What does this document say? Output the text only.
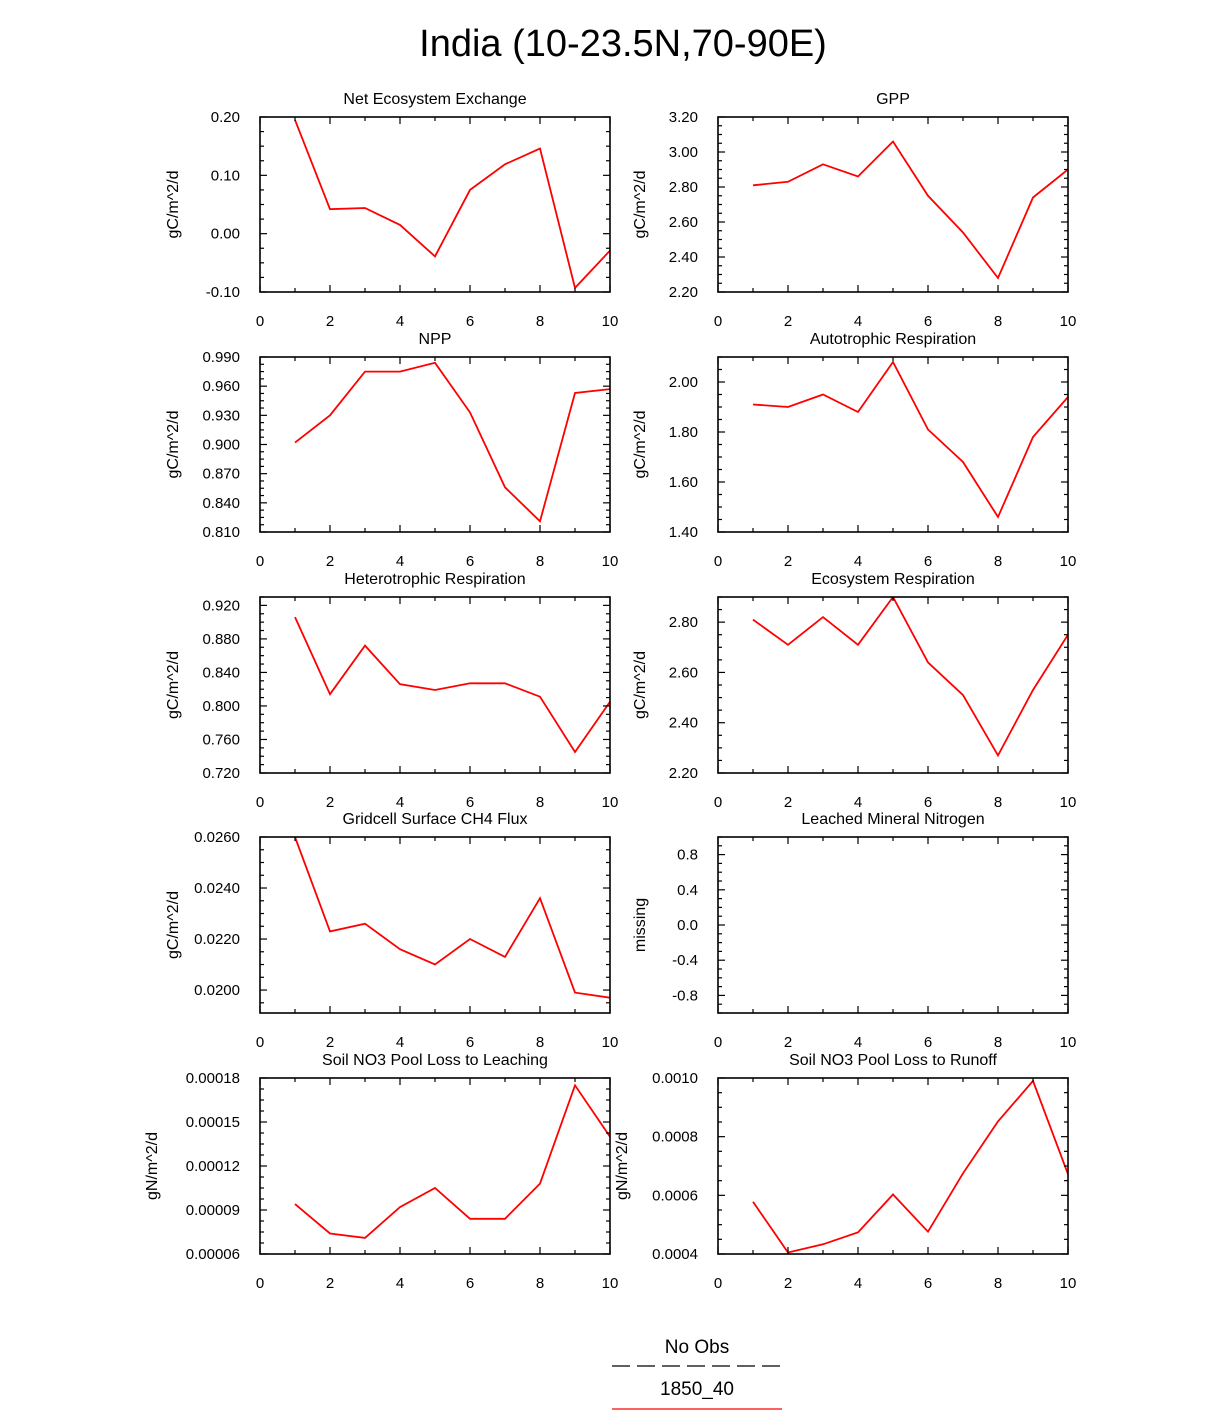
India (10-23.5N,70-90E)
0	2	4	6	8	10
-0.10
0.00
0.10
0.20
Net Ecosystem Exchange
gC/m^2/d
0	2	4	6	8	10
2.20
2.40
2.60
2.80
3.00
3.20
GPP
gC/m^2/d
0	2	4	6	8	10
0.810
0.840
0.870
0.900
0.930
0.960
0.990
NPP
gC/m^2/d
0	2	4	6	8	10
1.40
1.60
1.80
2.00
Autotrophic Respiration
gC/m^2/d
0	2	4	6	8	10
0.720
0.760
0.800
0.840
0.880
0.920
Heterotrophic Respiration
gC/m^2/d
0	2	4	6	8	10
2.20
2.40
2.60
2.80
Ecosystem Respiration
gC/m^2/d
0	2	4	6	8	10
0.0200
0.0220
0.0240
0.0260
Gridcell Surface CH4 Flux
gC/m^2/d
0	2	4	6	8	10
-0.8
-0.4
0.0
0.4
0.8
Leached Mineral Nitrogen
missing
0	2	4	6	8	10
0.00006
0.00009
0.00012
0.00015
0.00018
Soil NO3 Pool Loss to Leaching
gN/m^2/d
0	2	4	6	8	10
0.0004
0.0006
0.0008
0.0010
Soil NO3 Pool Loss to Runoff
gN/m^2/d
No Obs
1850_40
